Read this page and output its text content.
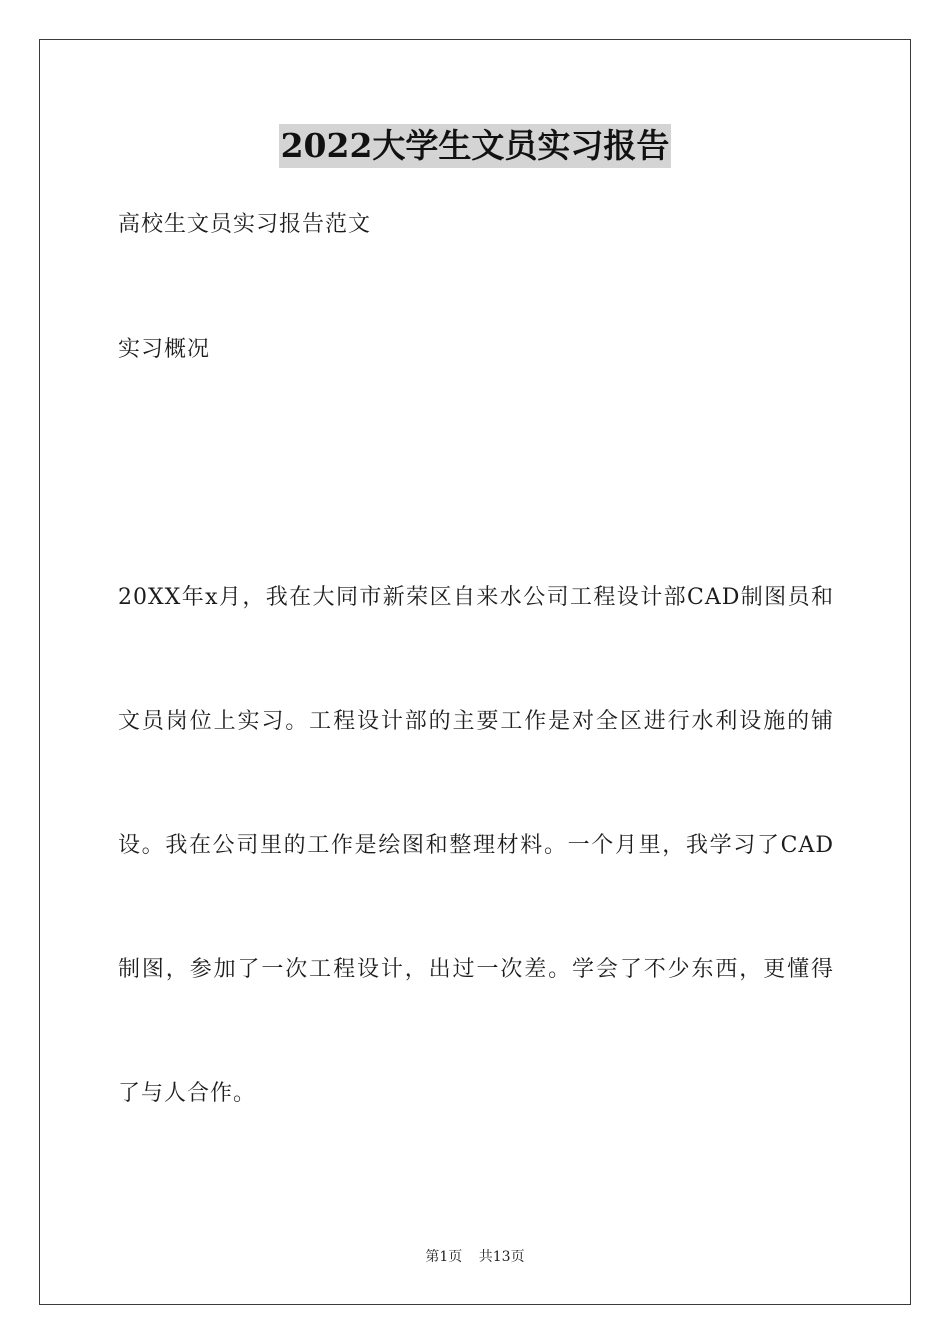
2022大学生文员实习报告
高校生文员实习报告范文
实习概况
20XX年x月，我在大同市新荣区自来水公司工程设计部CAD制图员和
文员岗位上实习。工程设计部的主要工作是对全区进行水利设施的铺
设。我在公司里的工作是绘图和整理材料。一个月里，我学习了CAD
制图，参加了一次工程设计，出过一次差。学会了不少东西，更懂得
了与人合作。
第1页 共13页
